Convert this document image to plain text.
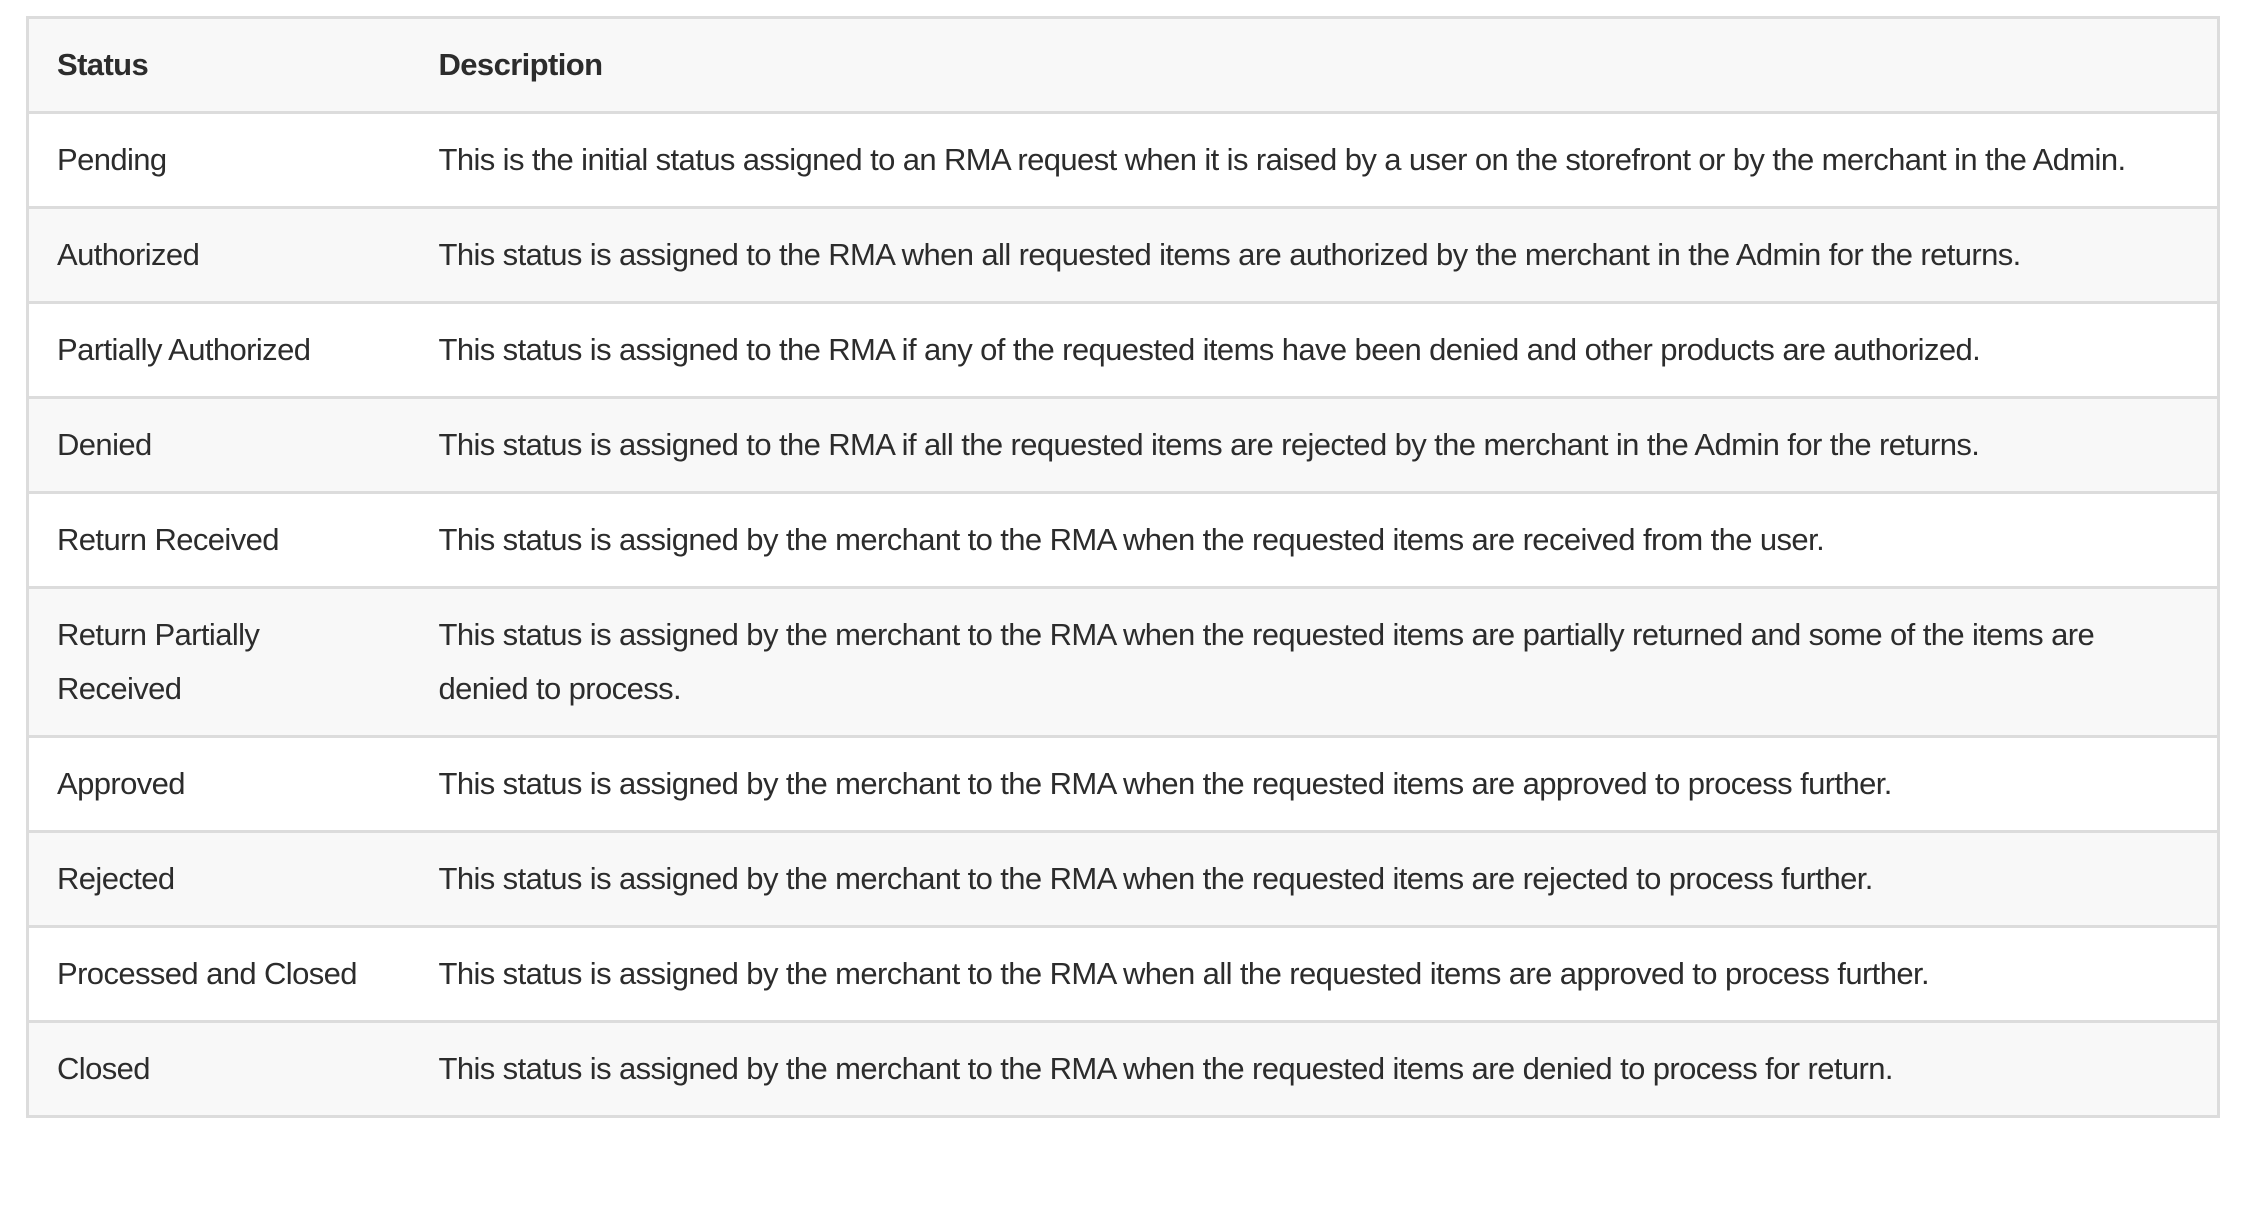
Status	Description
Pending	This is the initial status assigned to an RMA request when it is raised by a user on the storefront or by the merchant in the Admin.
Authorized	This status is assigned to the RMA when all requested items are authorized by the merchant in the Admin for the returns.
Partially Authorized	This status is assigned to the RMA if any of the requested items have been denied and other products are authorized.
Denied	This status is assigned to the RMA if all the requested items are rejected by the merchant in the Admin for the returns.
Return Received	This status is assigned by the merchant to the RMA when the requested items are received from the user.
Return Partially Received	This status is assigned by the merchant to the RMA when the requested items are partially returned and some of the items are denied to process.
Approved	This status is assigned by the merchant to the RMA when the requested items are approved to process further.
Rejected	This status is assigned by the merchant to the RMA when the requested items are rejected to process further.
Processed and Closed	This status is assigned by the merchant to the RMA when all the requested items are approved to process further.
Closed	This status is assigned by the merchant to the RMA when the requested items are denied to process for return.
